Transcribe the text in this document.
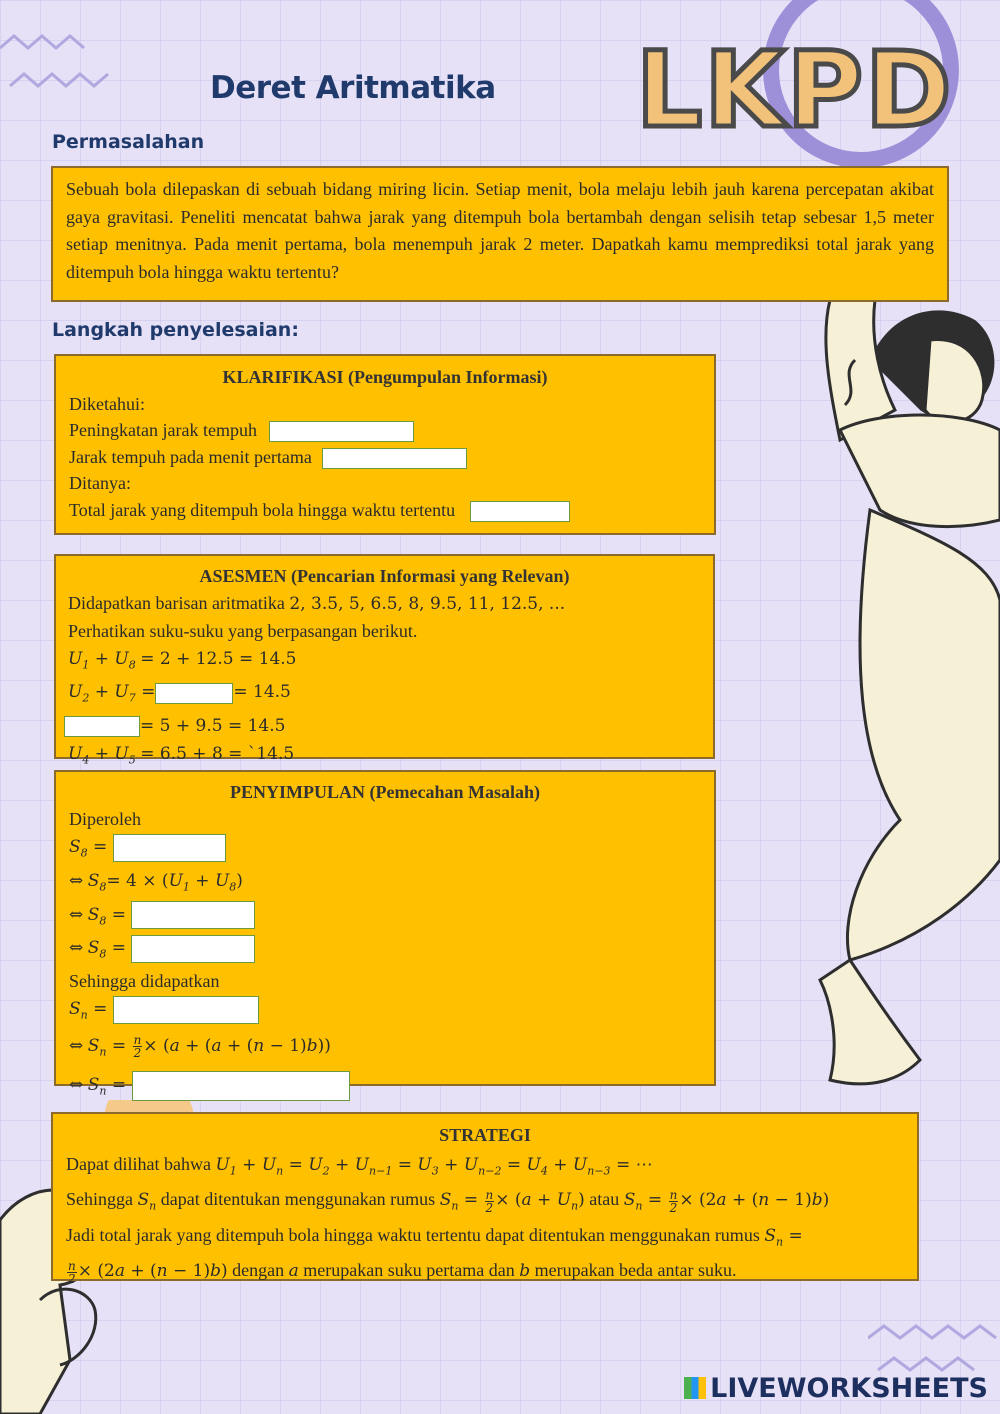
Deret Aritmatika LKPD
Permasalahan
Sebuah bola dilepaskan di sebuah bidang miring licin. Setiap menit, bola melaju lebih jauh karena percepatan akibat gaya gravitasi. Peneliti mencatat bahwa jarak yang ditempuh bola bertambah dengan selisih tetap sebesar 1,5 meter setiap menitnya. Pada menit pertama, bola menempuh jarak 2 meter. Dapatkah kamu memprediksi total jarak yang ditempuh bola hingga waktu tertentu?
Langkah penyelesaian:
KLARIFIKASI (Pengumpulan Informasi)
Diketahui:
Peningkatan jarak tempuh
Jarak tempuh pada menit pertama
Ditanya:
Total jarak yang ditempuh bola hingga waktu tertentu
ASESMEN (Pencarian Informasi yang Relevan)
Didapatkan barisan aritmatika 2, 3.5, 5, 6.5, 8, 9.5, 11, 12.5, ...
Perhatikan suku-suku yang berpasangan berikut.
$U_1 + U_8 = 2 + 12.5 = 14.5$
$U_2 + U_7$ =	= 14.5
= 5 + 9.5 = 14.5
$U_4 + U_5 = 6.5 + 8$ = `14.5
PENYIMPULAN (Pemecahan Masalah)
Diperoleh
$S_8$ =
⇔ $S_8= 4 \times (U_1 + U_8)$
⇔ $S_8$ =
⇔ $S_8$ =
Sehingga didapatkan
$S_n$ =
⇔ $S_n = \frac{n}{2} \times (a + (a + (n - 1)b))$
⇔ $S_n$ =
STRATEGI
Dapat dilihat bahwa $U_1 + U_n = U_2 + U_{n-1} = U_3 + U_{n-2} = U_4 + U_{n-3}$ = ⋯
Sehingga $S_n$ dapat ditentukan menggunakan rumus $S_n = \frac{n}{2} \times (a + U_n)$ atau $S_n = \frac{n}{2} \times (2a + (n - 1)b)$
Jadi total jarak yang ditempuh bola hingga waktu tertentu dapat ditentukan menggunakan rumus $S_n$ =
$\frac{n}{2} \times (2a + (n - 1)b)$ dengan a merupakan suku pertama dan b merupakan beda antar suku.
LIVEWORKSHEETS
